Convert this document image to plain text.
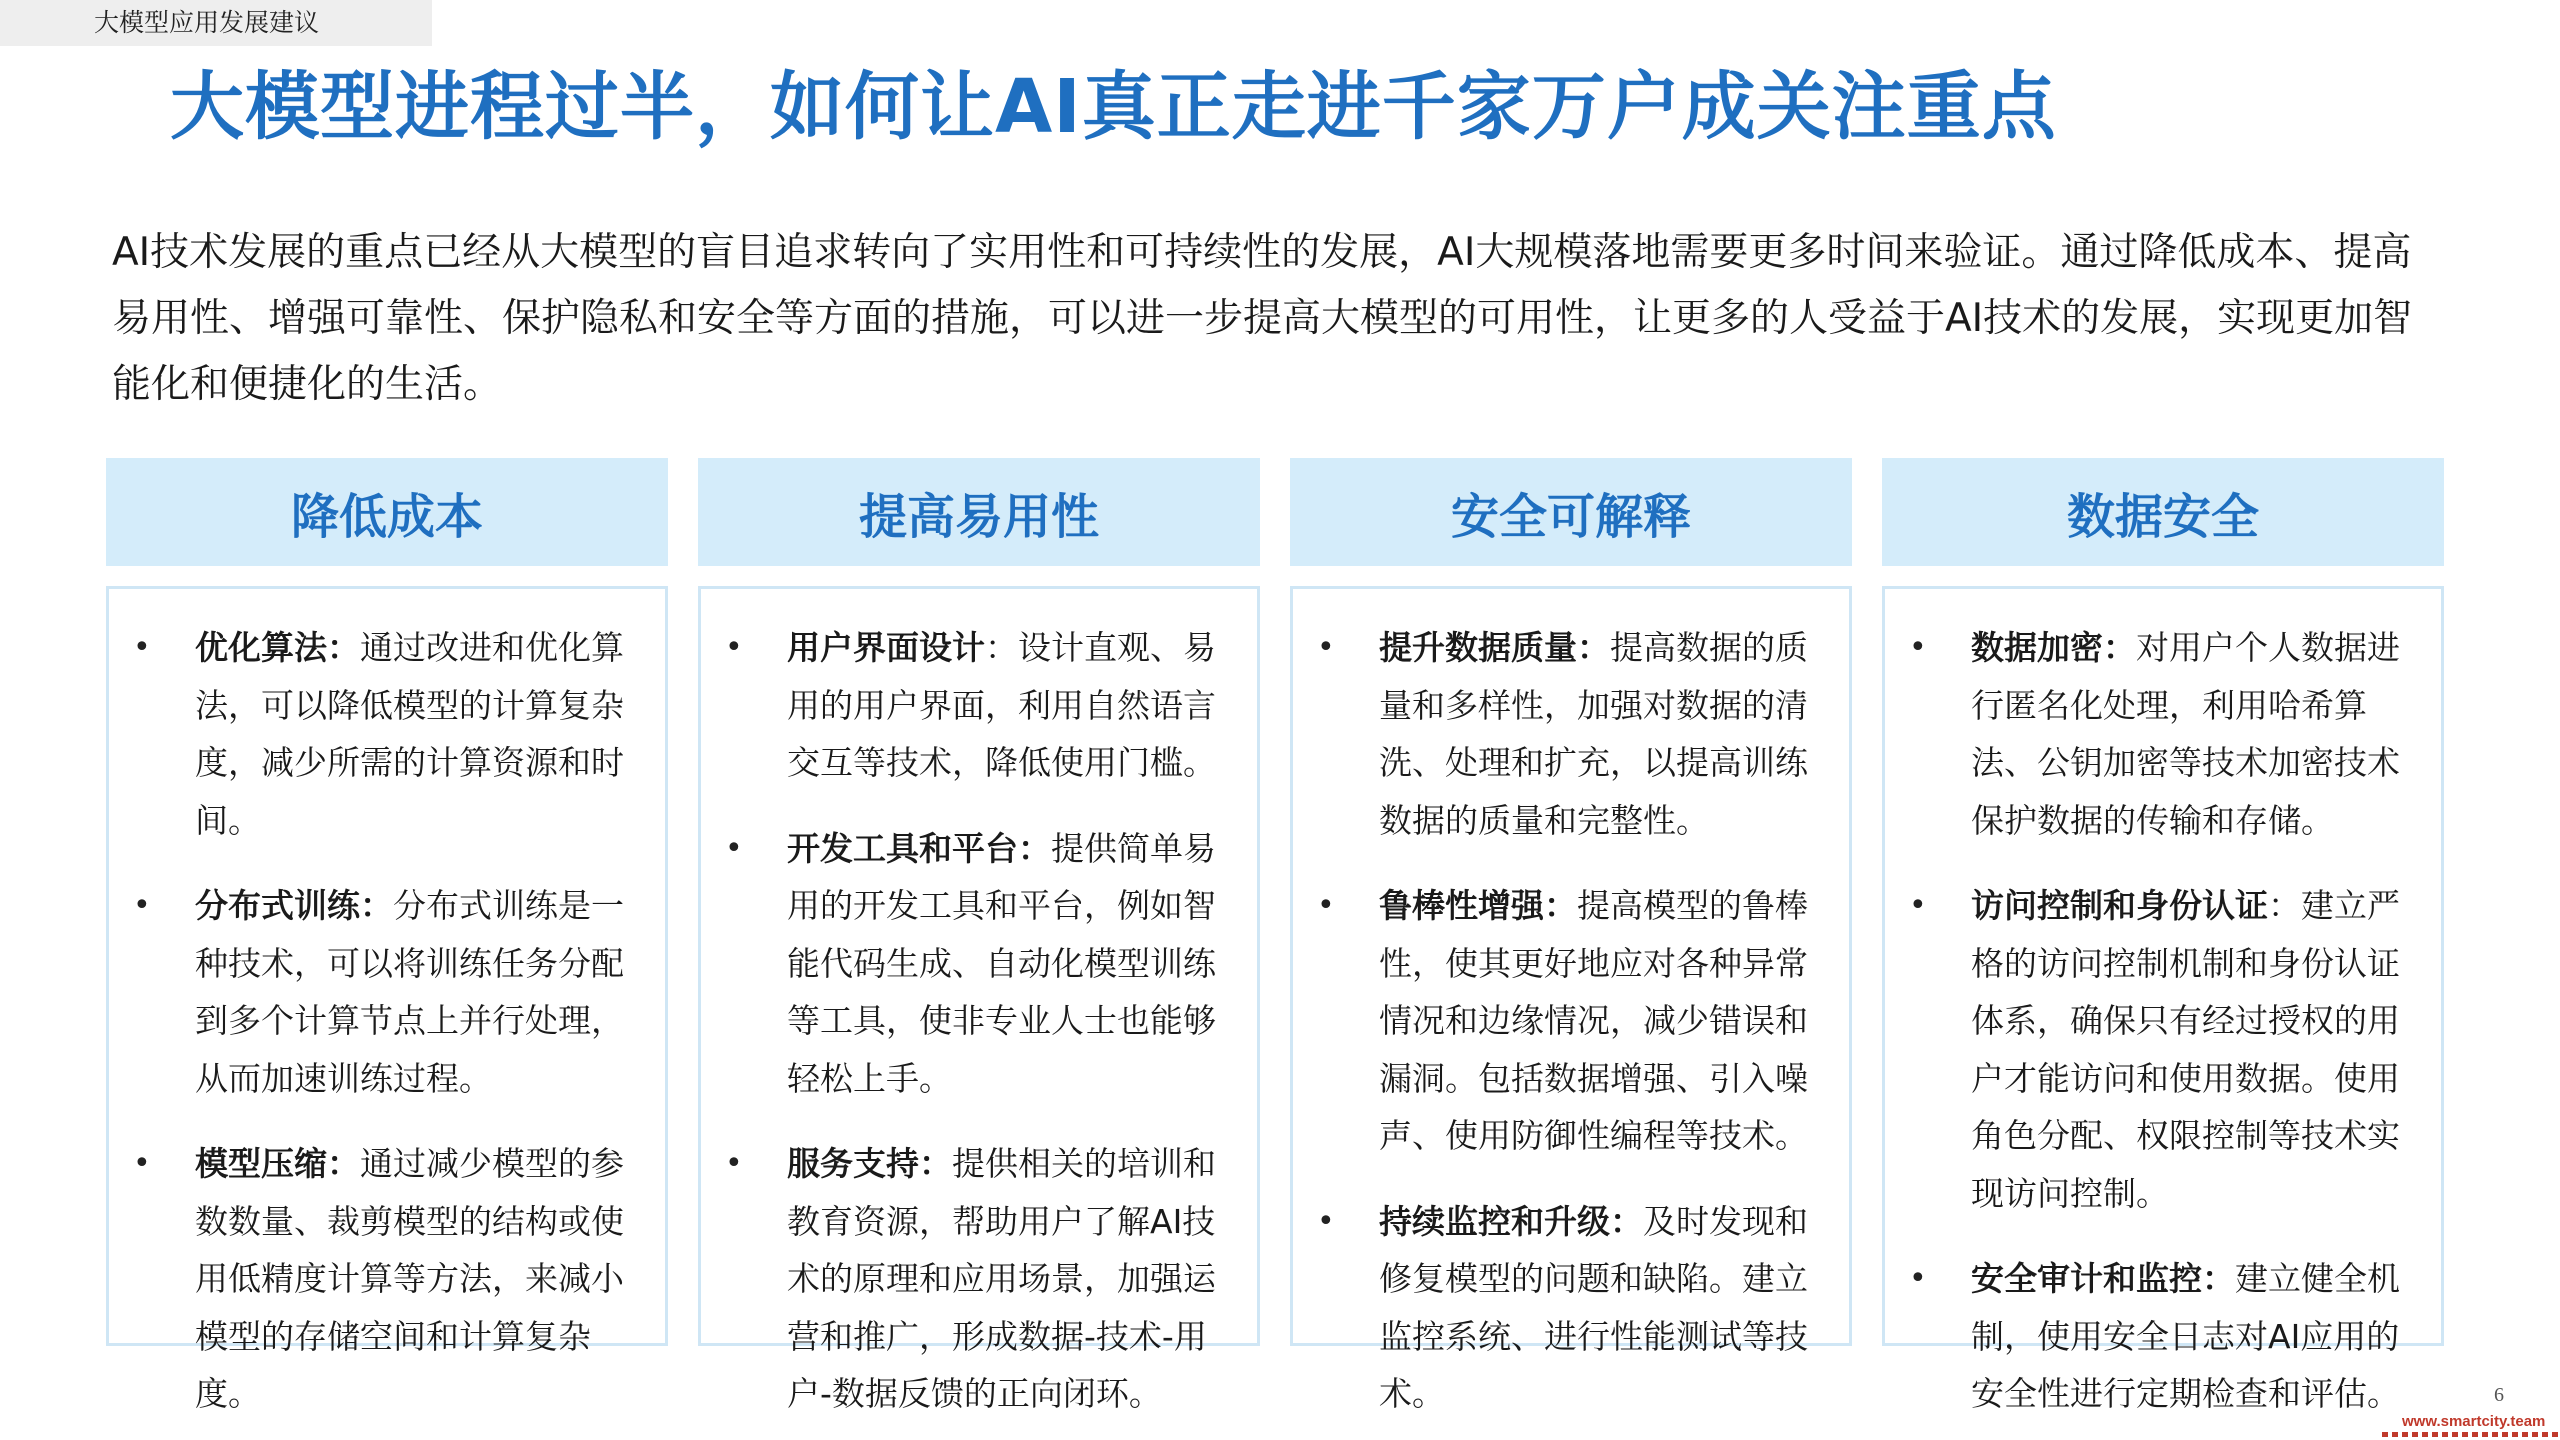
大模型应用发展建议
大模型进程过半，如何让AI真正走进千家万户成关注重点

AI技术发展的重点已经从大模型的盲目追求转向了实用性和可持续性的发展，AI大规模落地需要更多时间来验证。通过降低成本、提高易用性、增强可靠性、保护隐私和安全等方面的措施，可以进一步提高大模型的可用性，让更多的人受益于AI技术的发展，实现更加智能化和便捷化的生活。

降低成本
•	优化算法：通过改进和优化算法，可以降低模型的计算复杂度，减少所需的计算资源和时间。
•	分布式训练：分布式训练是一种技术，可以将训练任务分配到多个计算节点上并行处理，从而加速训练过程。
•	模型压缩：通过减少模型的参数数量、裁剪模型的结构或使用低精度计算等方法，来减小模型的存储空间和计算复杂度。
提高易用性
•	用户界面设计：设计直观、易用的用户界面，利用自然语言交互等技术，降低使用门槛。
•	开发工具和平台：提供简单易用的开发工具和平台，例如智能代码生成、自动化模型训练等工具，使非专业人士也能够轻松上手。
•	服务支持：提供相关的培训和教育资源，帮助用户了解AI技术的原理和应用场景，加强运营和推广，形成数据-技术-用户-数据反馈的正向闭环。
安全可解释
•	提升数据质量：提高数据的质量和多样性，加强对数据的清洗、处理和扩充，以提高训练数据的质量和完整性。
•	鲁棒性增强：提高模型的鲁棒性，使其更好地应对各种异常情况和边缘情况，减少错误和漏洞。包括数据增强、引入噪声、使用防御性编程等技术。
•	持续监控和升级：及时发现和修复模型的问题和缺陷。建立监控系统、进行性能测试等技术。
数据安全
•	数据加密：对用户个人数据进行匿名化处理，利用哈希算法、公钥加密等技术加密技术保护数据的传输和存储。
•	访问控制和身份认证：建立严格的访问控制机制和身份认证体系，确保只有经过授权的用户才能访问和使用数据。使用角色分配、权限控制等技术实现访问控制。
•	安全审计和监控：建立健全机制，使用安全日志对AI应用的安全性进行定期检查和评估。	6
www.smartcity.team
